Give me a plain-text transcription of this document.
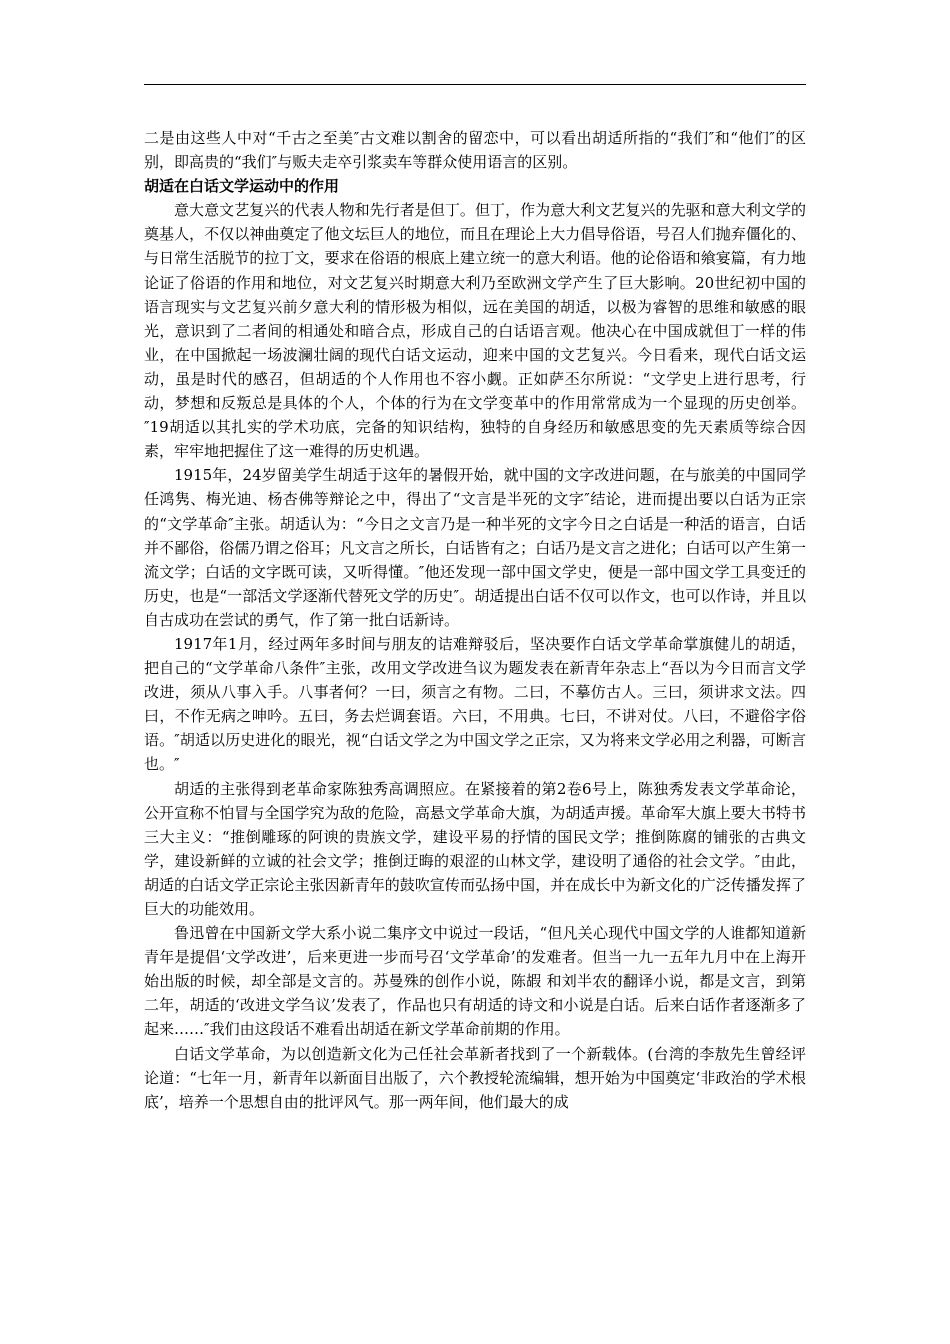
二是由这些人中对“千古之至美″古文难以割舍的留恋中，可以看出胡适所指的“我们″和“他们″的区别，即高贵的“我们″与贩夫走卒引浆卖车等群众使用语言的区别。

胡适在白话文学运动中的作用

意大意文艺复兴的代表人物和先行者是但丁。但丁，作为意大利文艺复兴的先驱和意大利文学的奠基人，不仅以神曲奠定了他文坛巨人的地位，而且在理论上大力倡导俗语，号召人们抛弃僵化的、与日常生活脱节的拉丁文，要求在俗语的根底上建立统一的意大利语。他的论俗语和飨宴篇，有力地论证了俗语的作用和地位，对文艺复兴时期意大利乃至欧洲文学产生了巨大影响。20世纪初中国的语言现实与文艺复兴前夕意大利的情形极为相似，远在美国的胡适，以极为睿智的思维和敏感的眼光，意识到了二者间的相通处和暗合点，形成自己的白话语言观。他决心在中国成就但丁一样的伟业，在中国掀起一场波澜壮阔的现代白话文运动，迎来中国的文艺复兴。今日看来，现代白话文运动，虽是时代的感召，但胡适的个人作用也不容小觑。正如萨丕尔所说：“文学史上进行思考，行动，梦想和反叛总是具体的个人，个体的行为在文学变革中的作用常常成为一个显现的历史创举。″19胡适以其扎实的学术功底，完备的知识结构，独特的自身经历和敏感思变的先天素质等综合因素，牢牢地把握住了这一难得的历史机遇。

1915年，24岁留美学生胡适于这年的暑假开始，就中国的文字改进问题，在与旅美的中国同学任鸿隽、梅光迪、杨杏佛等辩论之中，得出了“文言是半死的文字″结论，进而提出要以白话为正宗的“文学革命″主张。胡适认为：“今日之文言乃是一种半死的文字今日之白话是一种活的语言，白话并不鄙俗，俗儒乃谓之俗耳；凡文言之所长，白话皆有之；白话乃是文言之进化；白话可以产生第一流文学；白话的文字既可读，又听得懂。″他还发现一部中国文学史，便是一部中国文学工具变迁的历史，也是“一部活文学逐渐代替死文学的历史″。胡适提出白话不仅可以作文，也可以作诗，并且以自古成功在尝试的勇气，作了第一批白话新诗。

1917年1月，经过两年多时间与朋友的诘难辩驳后，坚决要作白话文学革命掌旗健儿的胡适，把自己的“文学革命八条件″主张，改用文学改进刍议为题发表在新青年杂志上“吾以为今日而言文学改进，须从八事入手。八事者何？一曰，须言之有物。二曰，不摹仿古人。三曰，须讲求文法。四曰，不作无病之呻吟。五曰，务去烂调套语。六曰，不用典。七曰，不讲对仗。八曰，不避俗字俗语。″胡适以历史进化的眼光，视“白话文学之为中国文学之正宗，又为将来文学必用之利器，可断言也。″

胡适的主张得到老革命家陈独秀高调照应。在紧接着的第2卷6号上，陈独秀发表文学革命论，公开宣称不怕冒与全国学究为敌的危险，高悬文学革命大旗，为胡适声援。革命军大旗上要大书特书三大主义：“推倒雕琢的阿谀的贵族文学，建设平易的抒情的国民文学；推倒陈腐的铺张的古典文学，建设新鲜的立诚的社会文学；推倒迂晦的艰涩的山林文学，建设明了通俗的社会文学。″由此，胡适的白话文学正宗论主张因新青年的鼓吹宣传而弘扬中国，并在成长中为新文化的广泛传播发挥了巨大的功能效用。

鲁迅曾在中国新文学大系小说二集序文中说过一段话，“但凡关心现代中国文学的人谁都知道新青年是提倡‘文学改进’，后来更进一步而号召‘文学革命’的发难者。但当一九一五年九月中在上海开始出版的时候，却全部是文言的。苏曼殊的创作小说，陈嘏 和刘半农的翻译小说，都是文言，到第二年，胡适的‘改进文学刍议’发表了，作品也只有胡适的诗文和小说是白话。后来白话作者逐渐多了起来……″我们由这段话不难看出胡适在新文学革命前期的作用。

白话文学革命，为以创造新文化为己任社会革新者找到了一个新载体。(台湾的李敖先生曾经评论道：“七年一月，新青年以新面目出版了，六个教授轮流编辑，想开始为中国奠定‘非政治的学术根底’，培养一个思想自由的批评风气。那一两年间，他们最大的成
